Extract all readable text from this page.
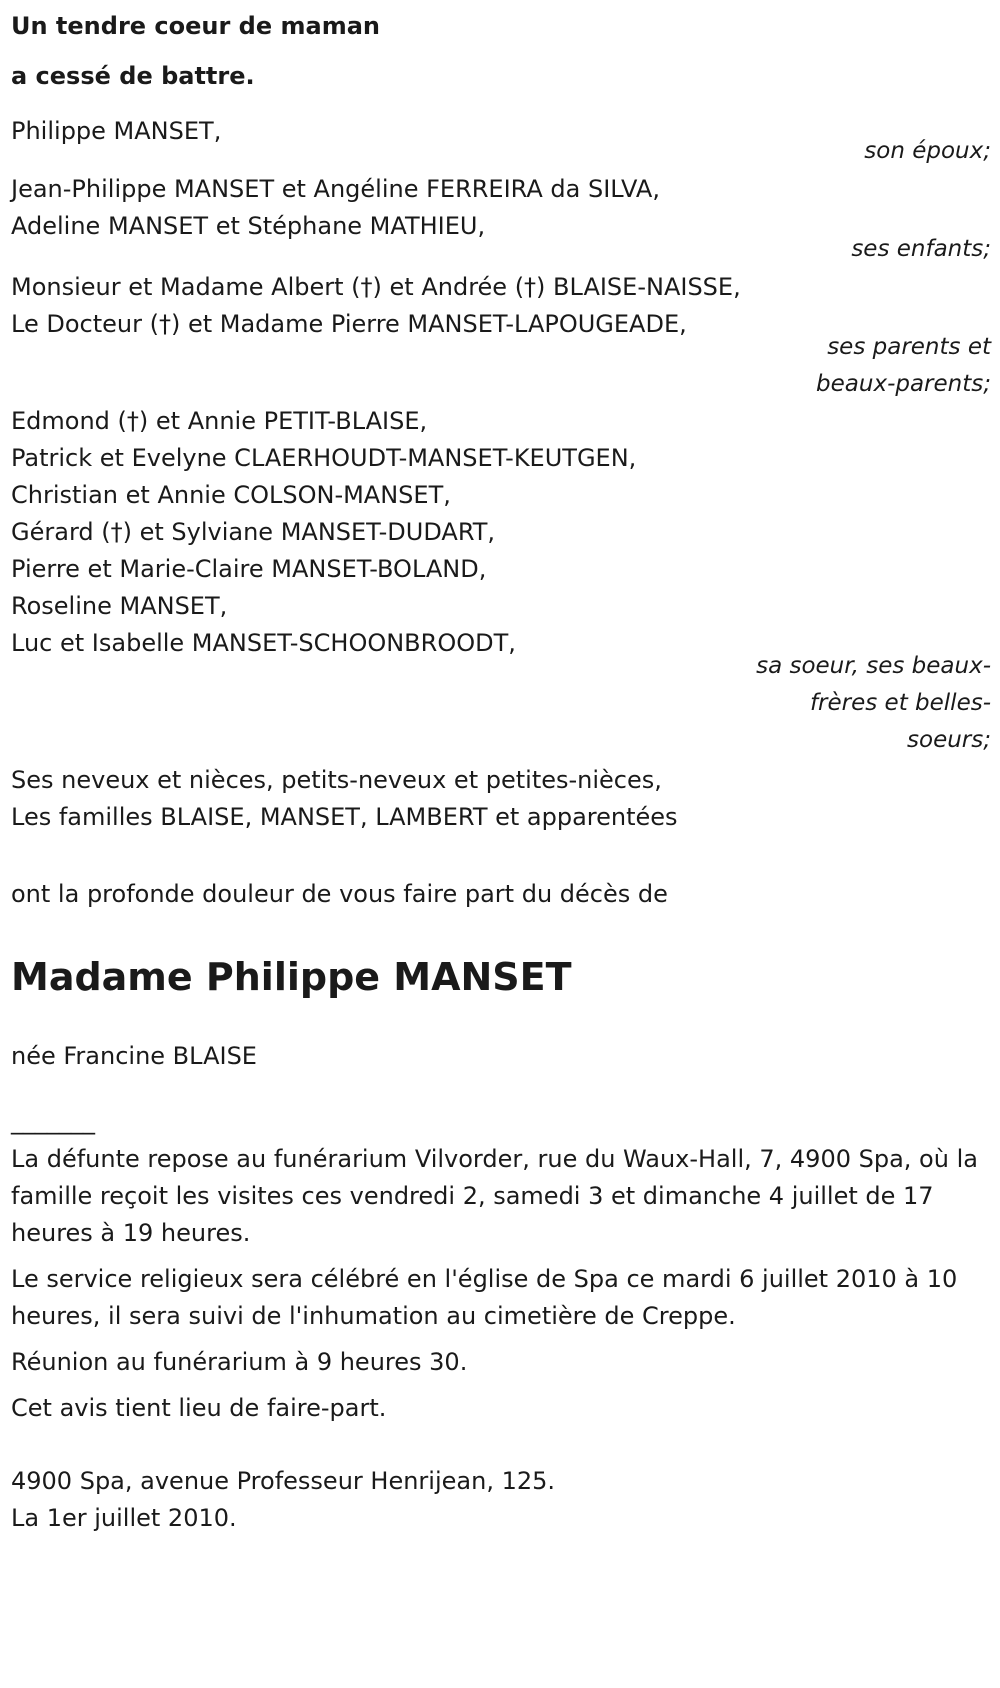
Un tendre coeur de maman

a cessé de battre.

Philippe MANSET,

son époux;

Jean-Philippe MANSET et Angéline FERREIRA da SILVA,

Adeline MANSET et Stéphane MATHIEU,

ses enfants;

Monsieur et Madame Albert (†) et Andrée (†) BLAISE-NAISSE,

Le Docteur (†) et Madame Pierre MANSET-LAPOUGEADE,

ses parents et

beaux-parents;

Edmond (†) et Annie PETIT-BLAISE,

Patrick et Evelyne CLAERHOUDT-MANSET-KEUTGEN,

Christian et Annie COLSON-MANSET,

Gérard (†) et Sylviane MANSET-DUDART,

Pierre et Marie-Claire MANSET-BOLAND,

Roseline MANSET,

Luc et Isabelle MANSET-SCHOONBROODT,

sa soeur, ses beaux-

frères et belles-

soeurs;

Ses neveux et nièces, petits-neveux et petites-nièces,

Les familles BLAISE, MANSET, LAMBERT et apparentées

ont la profonde douleur de vous faire part du décès de

Madame Philippe MANSET

née Francine BLAISE

_______

La défunte repose au funérarium Vilvorder, rue du Waux-Hall, 7, 4900 Spa, où la famille reçoit les visites ces vendredi 2, samedi 3 et dimanche 4 juillet de 17 heures à 19 heures.

Le service religieux sera célébré en l'église de Spa ce mardi 6 juillet 2010 à 10 heures, il sera suivi de l'inhumation au cimetière de Creppe.

Réunion au funérarium à 9 heures 30.

Cet avis tient lieu de faire-part.

4900 Spa, avenue Professeur Henrijean, 125.

La 1er juillet 2010.
